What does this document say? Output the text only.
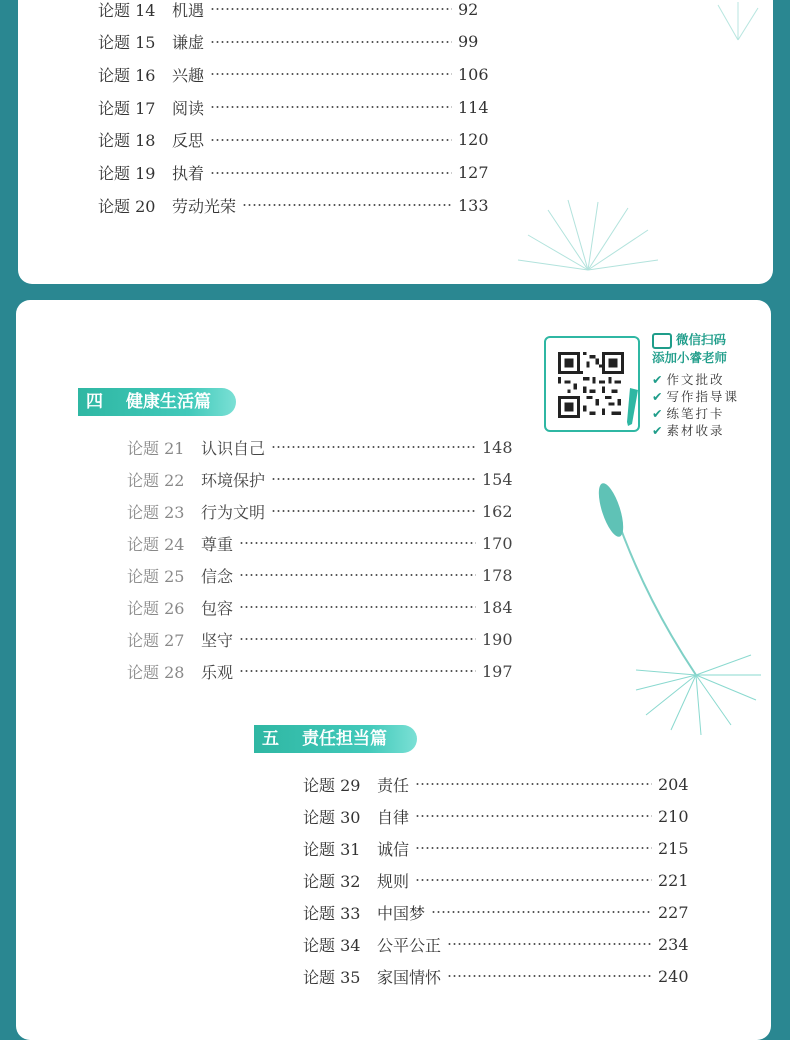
论题 14	机遇	92
论题 15	谦虚	99
论题 16	兴趣	106
论题 17	阅读	114
论题 18	反思	120
论题 19	执着	127
论题 20	劳动光荣	133
微信扫码
添加小睿老师
✔ 作文批改
✔ 写作指导课
✔ 练笔打卡
✔ 素材收录
四 健康生活篇
论题 21	认识自己	148
论题 22	环境保护	154
论题 23	行为文明	162
论题 24	尊重	170
论题 25	信念	178
论题 26	包容	184
论题 27	坚守	190
论题 28	乐观	197
五 责任担当篇
论题 29	责任	204
论题 30	自律	210
论题 31	诚信	215
论题 32	规则	221
论题 33	中国梦	227
论题 34	公平公正	234
论题 35	家国情怀	240
